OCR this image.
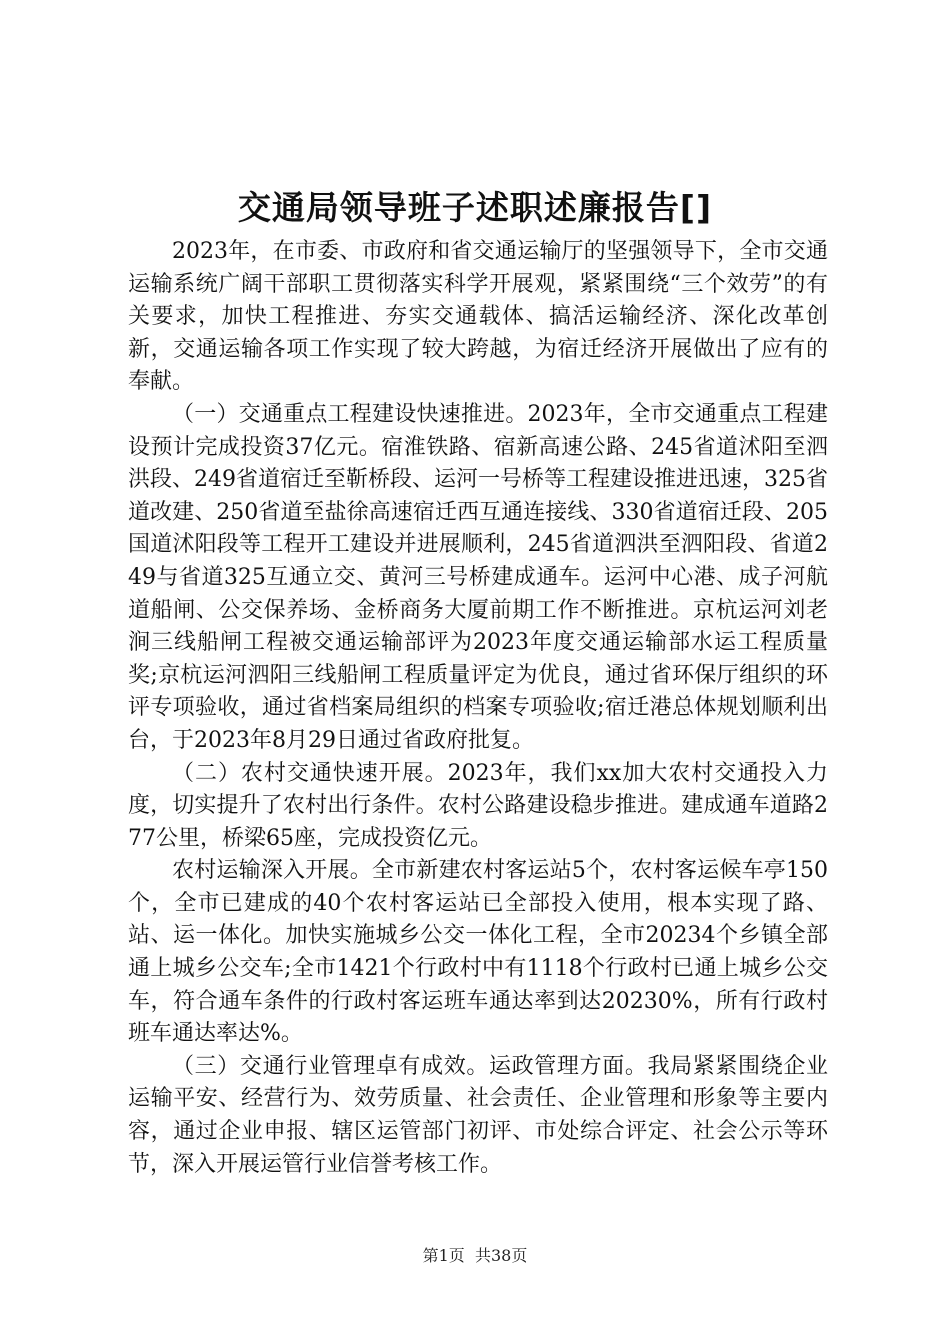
交通局领导班子述职述廉报告[]

2023年，在市委、市政府和省交通运输厅的坚强领导下，全市交通运输系统广阔干部职工贯彻落实科学开展观，紧紧围绕“三个效劳”的有关要求，加快工程推进、夯实交通载体、搞活运输经济、深化改革创新，交通运输各项工作实现了较大跨越，为宿迁经济开展做出了应有的奉献。

（一）交通重点工程建设快速推进。2023年，全市交通重点工程建设预计完成投资37亿元。宿淮铁路、宿新高速公路、245省道沭阳至泗洪段、249省道宿迁至靳桥段、运河一号桥等工程建设推进迅速，325省道改建、250省道至盐徐高速宿迁西互通连接线、330省道宿迁段、205国道沭阳段等工程开工建设并进展顺利，245省道泗洪至泗阳段、省道249与省道325互通立交、黄河三号桥建成通车。运河中心港、成子河航道船闸、公交保养场、金桥商务大厦前期工作不断推进。京杭运河刘老涧三线船闸工程被交通运输部评为2023年度交通运输部水运工程质量奖;京杭运河泗阳三线船闸工程质量评定为优良，通过省环保厅组织的环评专项验收，通过省档案局组织的档案专项验收;宿迁港总体规划顺利出台，于2023年8月29日通过省政府批复。

（二）农村交通快速开展。2023年，我们xx加大农村交通投入力度，切实提升了农村出行条件。农村公路建设稳步推进。建成通车道路277公里，桥梁65座，完成投资亿元。

农村运输深入开展。全市新建农村客运站5个，农村客运候车亭150个，全市已建成的40个农村客运站已全部投入使用，根本实现了路、站、运一体化。加快实施城乡公交一体化工程，全市20234个乡镇全部通上城乡公交车;全市1421个行政村中有1118个行政村已通上城乡公交车，符合通车条件的行政村客运班车通达率到达20230%，所有行政村班车通达率达%。

（三）交通行业管理卓有成效。运政管理方面。我局紧紧围绕企业运输平安、经营行为、效劳质量、社会责任、企业管理和形象等主要内容，通过企业申报、辖区运管部门初评、市处综合评定、社会公示等环节，深入开展运管行业信誉考核工作。

第1页 共38页
